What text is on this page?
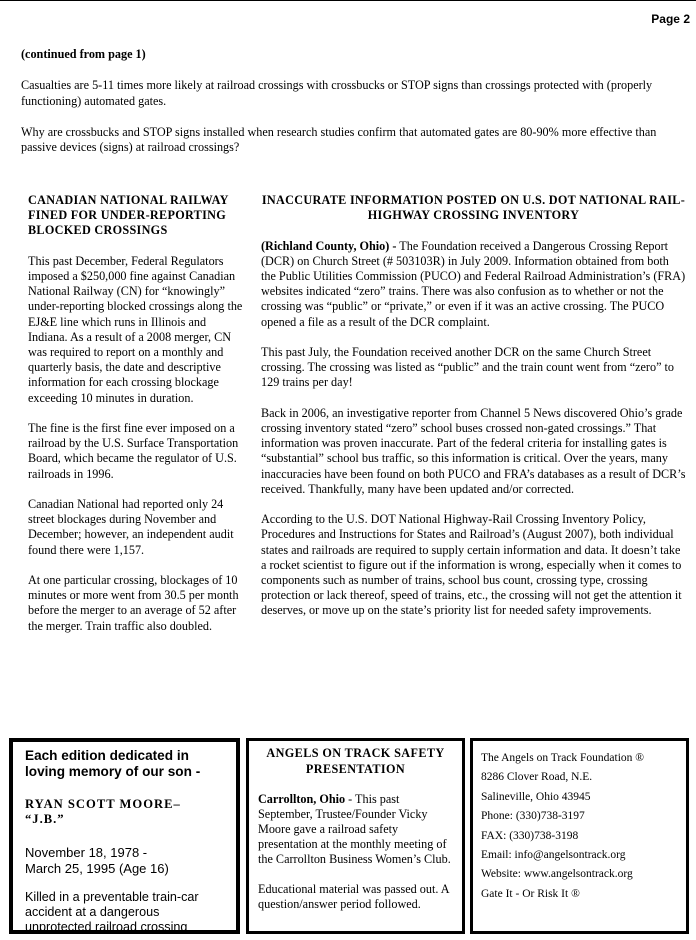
Page 2

(continued from page 1)

Casualties are 5-11 times more likely at railroad crossings with crossbucks or STOP signs than crossings protected with (properly functioning) automated gates.

Why are crossbucks and STOP signs installed when research studies confirm that automated gates are 80-90% more effective than passive devices (signs) at railroad crossings?

CANADIAN NATIONAL RAILWAY FINED FOR UNDER-REPORTING BLOCKED CROSSINGS

This past December, Federal Regulators imposed a $250,000 fine against Canadian National Railway (CN) for “knowingly” under-reporting blocked crossings along the EJ&E line which runs in Illinois and Indiana. As a result of a 2008 merger, CN was required to report on a monthly and quarterly basis, the date and descriptive information for each crossing blockage exceeding 10 minutes in duration.

The fine is the first fine ever imposed on a railroad by the U.S. Surface Transportation Board, which became the regulator of U.S. railroads in 1996.

Canadian National had reported only 24 street blockages during November and December; however, an independent audit found there were 1,157.

At one particular crossing, blockages of 10 minutes or more went from 30.5 per month before the merger to an average of 52 after the merger. Train traffic also doubled.

INACCURATE INFORMATION POSTED ON U.S. DOT NATIONAL RAIL-HIGHWAY CROSSING INVENTORY

(Richland County, Ohio) - The Foundation received a Dangerous Crossing Report (DCR) on Church Street (# 503103R) in July 2009. Information obtained from both the Public Utilities Commission (PUCO) and Federal Railroad Administration’s (FRA) websites indicated “zero” trains. There was also confusion as to whether or not the crossing was “public” or “private,” or even if it was an active crossing. The PUCO opened a file as a result of the DCR complaint.

This past July, the Foundation received another DCR on the same Church Street crossing. The crossing was listed as “public” and the train count went from “zero” to 129 trains per day!

Back in 2006, an investigative reporter from Channel 5 News discovered Ohio’s grade crossing inventory stated “zero” school buses crossed non-gated crossings.” That information was proven inaccurate. Part of the federal criteria for installing gates is “substantial” school bus traffic, so this information is critical. Over the years, many inaccuracies have been found on both PUCO and FRA’s databases as a result of DCR’s received. Thankfully, many have been updated and/or corrected.

According to the U.S. DOT National Highway-Rail Crossing Inventory Policy, Procedures and Instructions for States and Railroad’s (August 2007), both individual states and railroads are required to supply certain information and data. It doesn’t take a rocket scientist to figure out if the information is wrong, especially when it comes to components such as number of trains, school bus count, crossing type, crossing protection or lack thereof, speed of trains, etc., the crossing will not get the attention it deserves, or move up on the state’s priority list for needed safety improvements.

Each edition dedicated in loving memory of our son -

RYAN SCOTT MOORE– “J.B.”

November 18, 1978 -
March 25, 1995 (Age 16)

Killed in a preventable train-car accident at a dangerous unprotected railroad crossing

ANGELS ON TRACK SAFETY PRESENTATION

Carrollton, Ohio - This past September, Trustee/Founder Vicky Moore gave a railroad safety presentation at the monthly meeting of the Carrollton Business Women’s Club.

Educational material was passed out. A question/answer period followed.

The Angels on Track Foundation ®
8286 Clover Road, N.E.
Salineville, Ohio 43945
Phone: (330)738-3197
FAX: (330)738-3198
Email: info@angelsontrack.org
Website: www.angelsontrack.org
Gate It - Or Risk It ®
